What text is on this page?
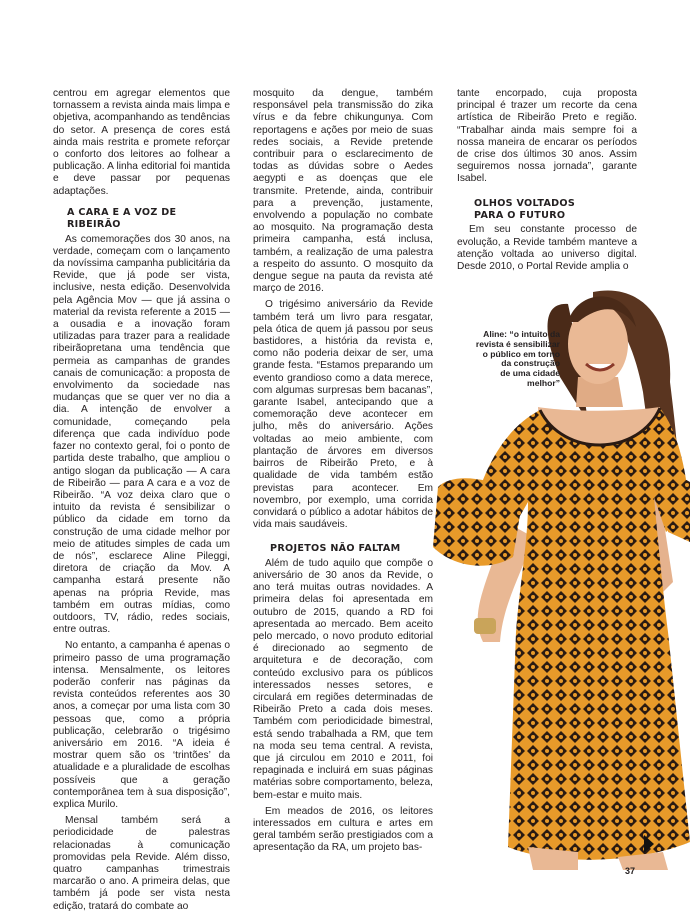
centrou em agregar elementos que tornassem a revista ainda mais limpa e objetiva, acompanhando as tendências do setor. A presença de cores está ainda mais restrita e promete reforçar o conforto dos leitores ao folhear a publicação. A linha editorial foi mantida e deve passar por pequenas adaptações.

A CARA E A VOZ DE RIBEIRÃO

As comemorações dos 30 anos, na verdade, começam com o lançamento da novíssima campanha publicitária da Revide, que já pode ser vista, inclusive, nesta edição. Desenvolvida pela Agência Mov — que já assina o material da revista referente a 2015 — a ousadia e a inovação foram utilizadas para trazer para a realidade ribeirãopretana uma tendência que permeia as campanhas de grandes canais de comunicação: a proposta de envolvimento da sociedade nas mudanças que se quer ver no dia a dia. A intenção de envolver a comunidade, começando pela diferença que cada indivíduo pode fazer no contexto geral, foi o ponto de partida deste trabalho, que ampliou o antigo slogan da publicação — A cara de Ribeirão — para A cara e a voz de Ribeirão. “A voz deixa claro que o intuito da revista é sensibilizar o público da cidade em torno da construção de uma cidade melhor por meio de atitudes simples de cada um de nós”, esclarece Aline Pileggi, diretora de criação da Mov. A campanha estará presente não apenas na própria Revide, mas também em outras mídias, como outdoors, TV, rádio, redes sociais, entre outras.

No entanto, a campanha é apenas o primeiro passo de uma programação intensa. Mensalmente, os leitores poderão conferir nas páginas da revista conteúdos referentes aos 30 anos, a começar por uma lista com 30 pessoas que, como a própria publicação, celebrarão o trigésimo aniversário em 2016. “A ideia é mostrar quem são os ‘trintões’ da atualidade e a pluralidade de escolhas possíveis que a geração contemporânea tem à sua disposição”, explica Murilo.

Mensal também será a periodicidade de palestras relacionadas à comunicação promovidas pela Revide. Além disso, quatro campanhas trimestrais marcarão o ano. A primeira delas, que também já pode ser vista nesta edição, tratará do combate ao

mosquito da dengue, também responsável pela transmissão do zika vírus e da febre chikungunya. Com reportagens e ações por meio de suas redes sociais, a Revide pretende contribuir para o esclarecimento de todas as dúvidas sobre o Aedes aegypti e as doenças que ele transmite. Pretende, ainda, contribuir para a prevenção, justamente, envolvendo a população no combate ao mosquito. Na programação desta primeira campanha, está inclusa, também, a realização de uma palestra a respeito do assunto. O mosquito da dengue segue na pauta da revista até março de 2016.

O trigésimo aniversário da Revide também terá um livro para resgatar, pela ótica de quem já passou por seus bastidores, a história da revista e, como não poderia deixar de ser, uma grande festa. “Estamos preparando um evento grandioso como a data merece, com algumas surpresas bem bacanas”, garante Isabel, antecipando que a comemoração deve acontecer em julho, mês do aniversário. Ações voltadas ao meio ambiente, com plantação de árvores em diversos bairros de Ribeirão Preto, e à qualidade de vida também estão previstas para acontecer. Em novembro, por exemplo, uma corrida convidará o público a adotar hábitos de vida mais saudáveis.

PROJETOS NÃO FALTAM

Além de tudo aquilo que compõe o aniversário de 30 anos da Revide, o ano terá muitas outras novidades. A primeira delas foi apresentada em outubro de 2015, quando a RD foi apresentada ao mercado. Bem aceito pelo mercado, o novo produto editorial é direcionado ao segmento de arquitetura e de decoração, com conteúdo exclusivo para os públicos interessados nesses setores, e circulará em regiões determinadas de Ribeirão Preto a cada dois meses. Também com periodicidade bimestral, está sendo trabalhada a RM, que tem na moda seu tema central. A revista, que já circulou em 2010 e 2011, foi repaginada e incluirá em suas páginas matérias sobre comportamento, beleza, bem-estar e muito mais.

Em meados de 2016, os leitores interessados em cultura e artes em geral também serão prestigiados com a apresentação da RA, um projeto bas-

tante encorpado, cuja proposta principal é trazer um recorte da cena artística de Ribeirão Preto e região. “Trabalhar ainda mais sempre foi a nossa maneira de encarar os períodos de crise dos últimos 30 anos. Assim seguiremos nossa jornada”, garante Isabel.

OLHOS VOLTADOS
PARA O FUTURO

Em seu constante processo de evolução, a Revide também manteve a atenção voltada ao universo digital. Desde 2010, o Portal Revide amplia o

Aline: “o intuito da
revista é sensibilizar
o público em torno
da construção
de uma cidade
melhor”
37
